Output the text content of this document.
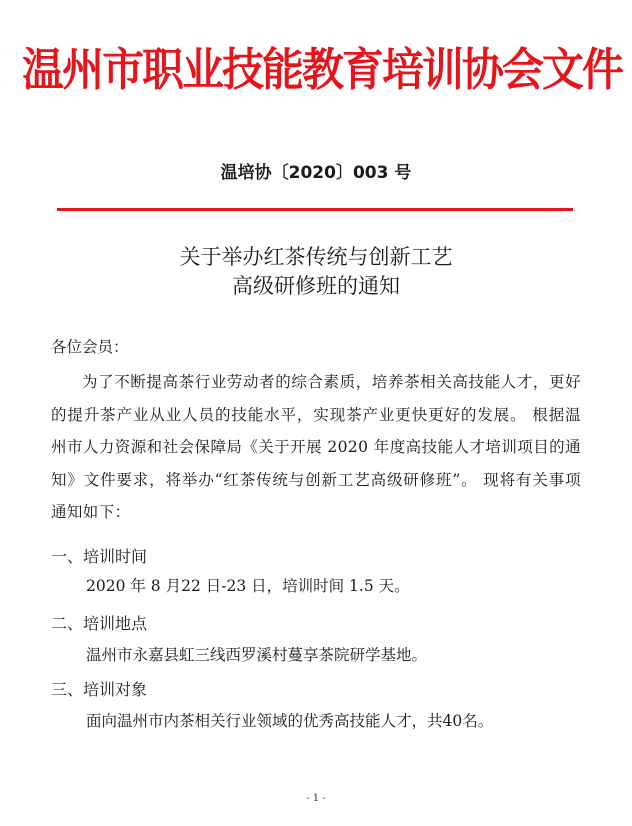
温州市职业技能教育培训协会文件
温培协〔2020〕003 号
关于举办红茶传统与创新工艺
高级研修班的通知
各位会员：
为了不断提高茶行业劳动者的综合素质，培养茶相关高技能人才，更好的提升茶产业从业人员的技能水平，实现茶产业更快更好的发展。 根据温州市人力资源和社会保障局《关于开展 2020 年度高技能人才培训项目的通知》文件要求，将举办“红茶传统与创新工艺高级研修班”。 现将有关事项通知如下：
一、培训时间
2020 年 8 月22 日-23 日，培训时间 1.5 天。
二、培训地点
温州市永嘉县虹三线西罗溪村蔓享茶院研学基地。
三、培训对象
面向温州市内茶相关行业领域的优秀高技能人才，共40名。
- 1 -
